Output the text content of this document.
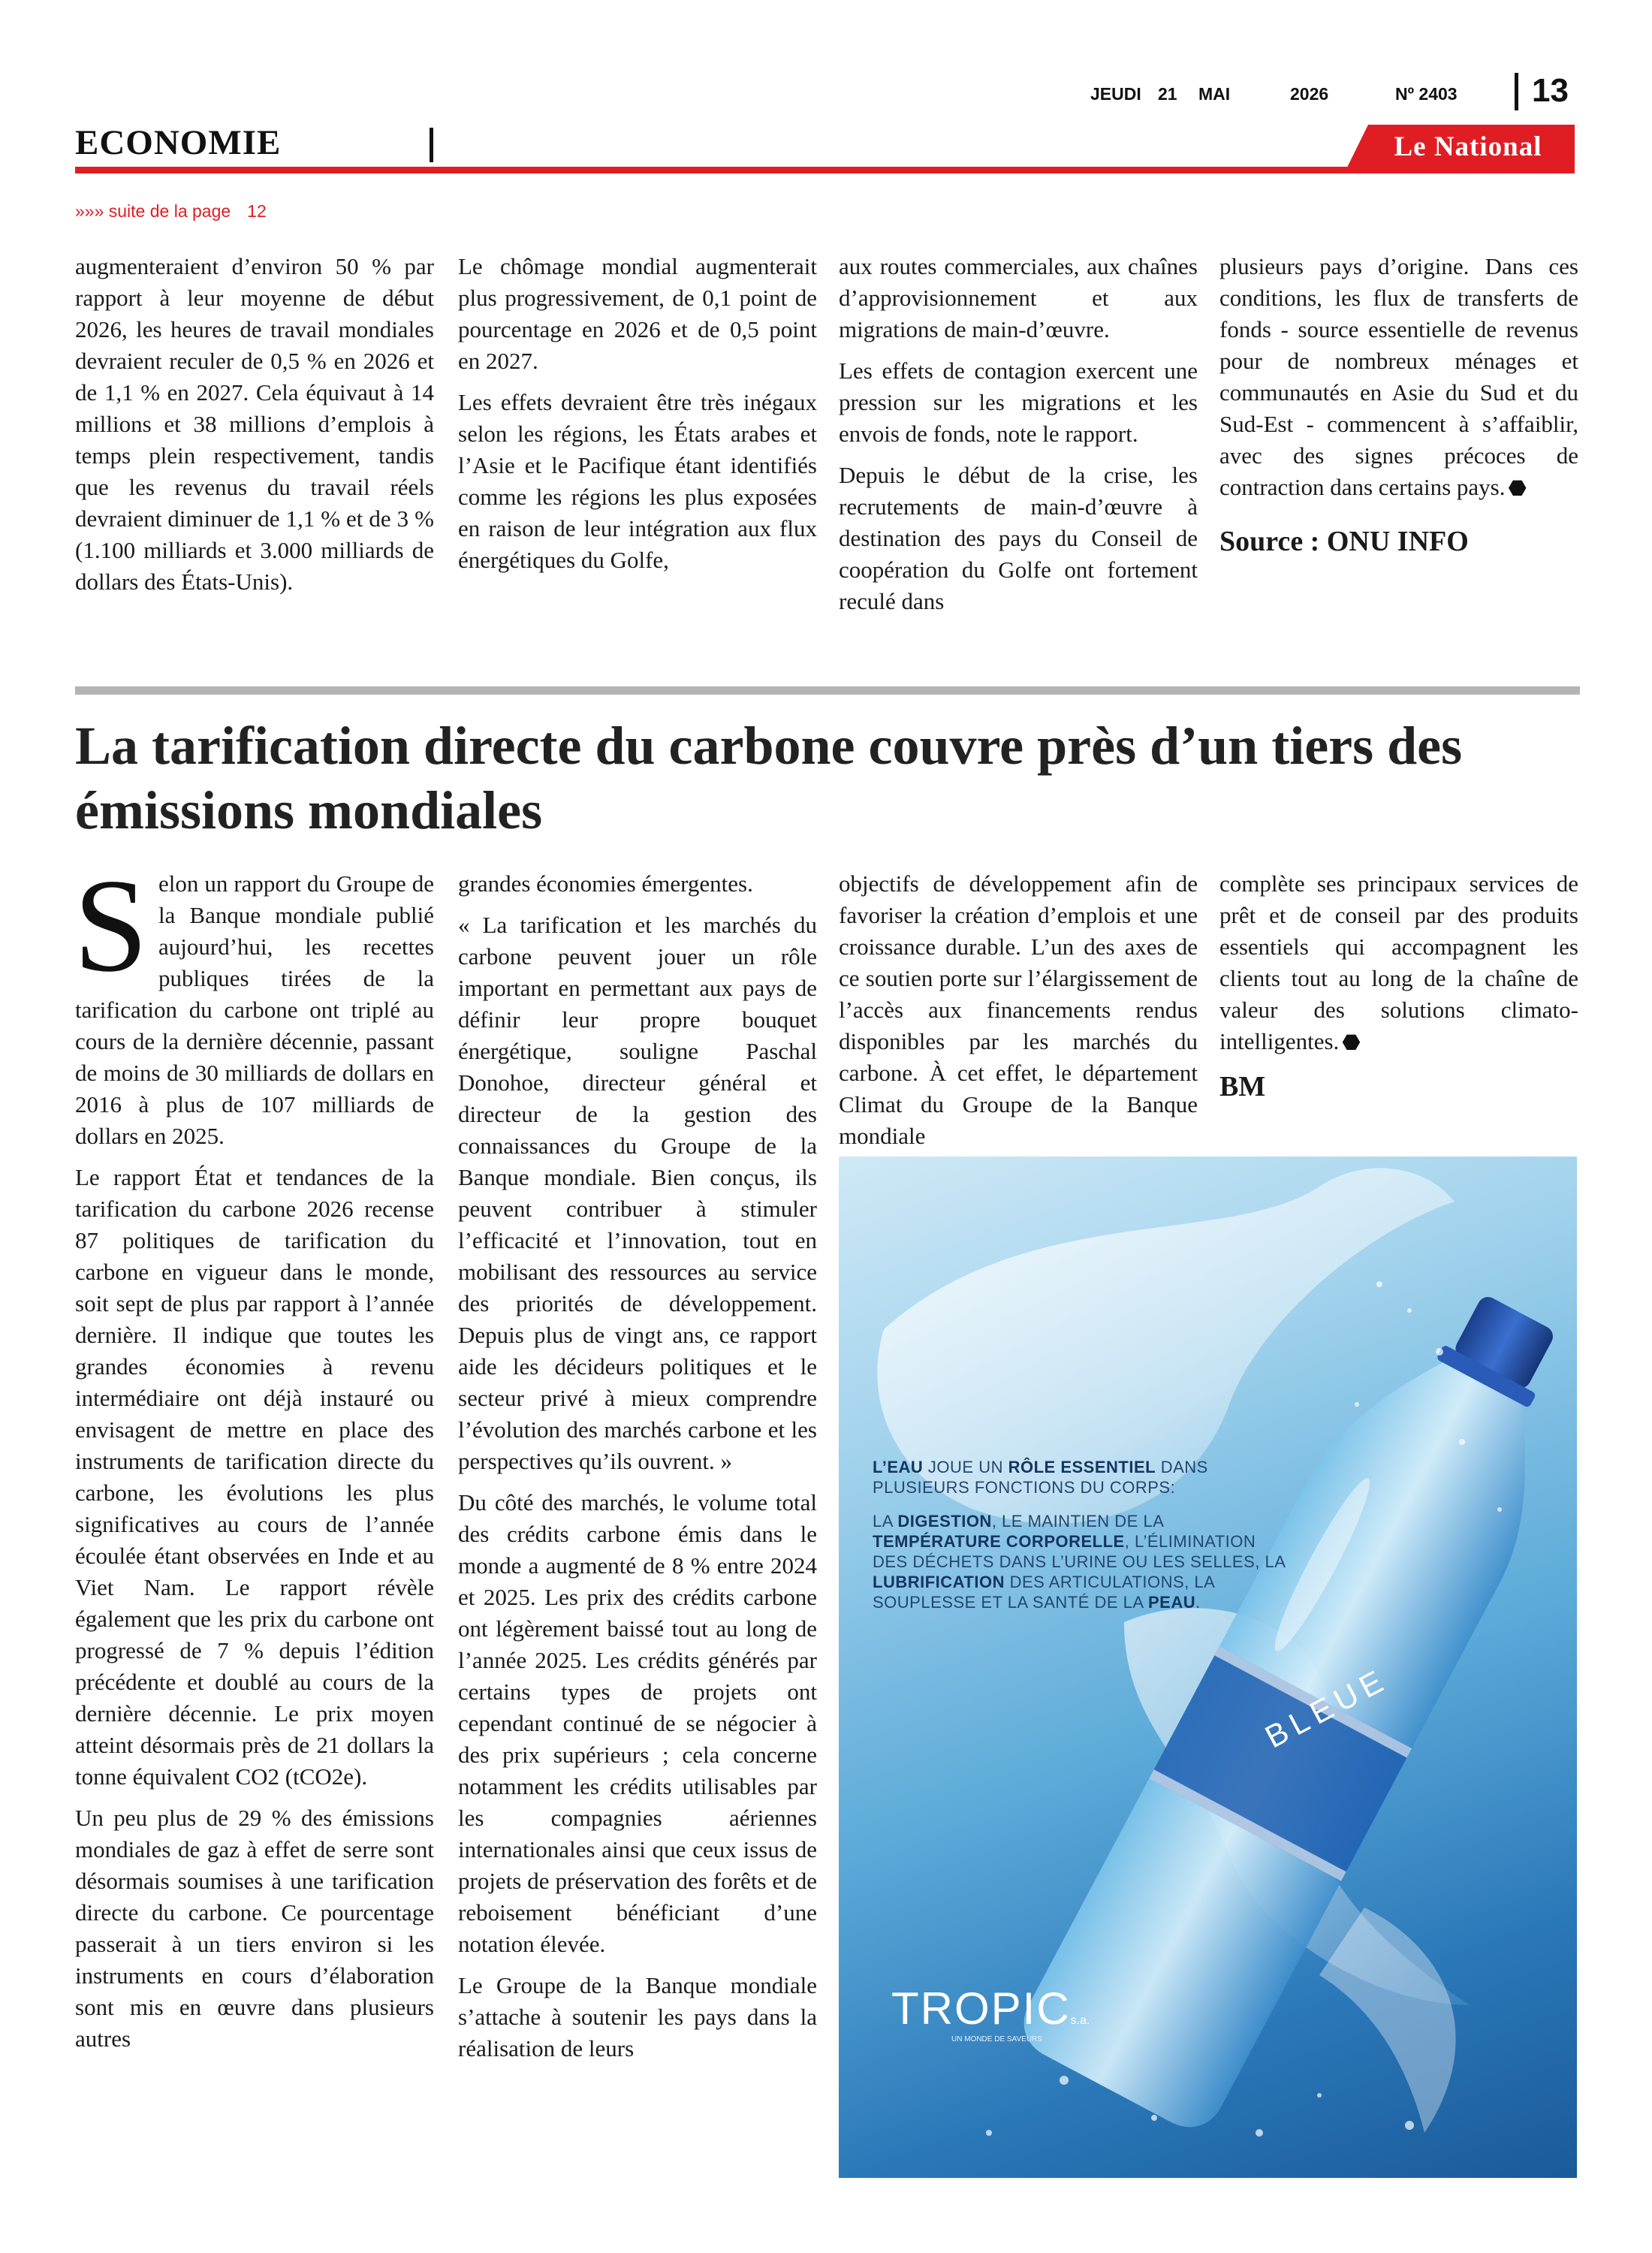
JEUDI 21 MAI	2026	Nº 2403 13
ECONOMIE	Le National
»»» suite de la page 12

augmenteraient d’environ 50 % par rapport à leur moyenne de début 2026, les heures de travail mondiales devraient reculer de 0,5 % en 2026 et de 1,1 % en 2027. Cela équivaut à 14 millions et 38 millions d’emplois à temps plein respectivement, tandis que les revenus du travail réels devraient diminuer de 1,1 % et de 3 % (1.100 milliards et 3.000 milliards de dollars des États-Unis).

Le chômage mondial augmenterait plus progressivement, de 0,1 point de pourcentage en 2026 et de 0,5 point en 2027.

Les effets devraient être très inégaux selon les régions, les États arabes et l’Asie et le Pacifique étant identifiés comme les régions les plus exposées en raison de leur intégration aux flux énergétiques du Golfe,

aux routes commerciales, aux chaînes d’approvisionnement et aux migrations de main-d’œuvre.

Les effets de contagion exercent une pression sur les migrations et les envois de fonds, note le rapport.

Depuis le début de la crise, les recrutements de main-d’œuvre à destination des pays du Conseil de coopération du Golfe ont fortement reculé dans

plusieurs pays d’origine. Dans ces conditions, les flux de transferts de fonds - source essentielle de revenus pour de nombreux ménages et communautés en Asie du Sud et du Sud-Est - commencent à s’affaiblir, avec des signes précoces de contraction dans certains pays. ⬣

Source : ONU INFO
La tarification directe du carbone couvre près d’un tiers des émissions mondiales

Selon un rapport du Groupe de la Banque mondiale publié aujourd’hui, les recettes publiques tirées de la tarification du carbone ont triplé au cours de la dernière décennie, passant de moins de 30 milliards de dollars en 2016 à plus de 107 milliards de dollars en 2025.

Le rapport État et tendances de la tarification du carbone 2026 recense 87 politiques de tarification du carbone en vigueur dans le monde, soit sept de plus par rapport à l’année dernière. Il indique que toutes les grandes économies à revenu intermédiaire ont déjà instauré ou envisagent de mettre en place des instruments de tarification directe du carbone, les évolutions les plus significatives au cours de l’année écoulée étant observées en Inde et au Viet Nam. Le rapport révèle également que les prix du carbone ont progressé de 7 % depuis l’édition précédente et doublé au cours de la dernière décennie. Le prix moyen atteint désormais près de 21 dollars la tonne équivalent CO2 (tCO2e).

Un peu plus de 29 % des émissions mondiales de gaz à effet de serre sont désormais soumises à une tarification directe du carbone. Ce pourcentage passerait à un tiers environ si les instruments en cours d’élaboration sont mis en œuvre dans plusieurs autres

grandes économies émergentes.

« La tarification et les marchés du carbone peuvent jouer un rôle important en permettant aux pays de définir leur propre bouquet énergétique, souligne Paschal Donohoe, directeur général et directeur de la gestion des connaissances du Groupe de la Banque mondiale. Bien conçus, ils peuvent contribuer à stimuler l’efficacité et l’innovation, tout en mobilisant des ressources au service des priorités de développement. Depuis plus de vingt ans, ce rapport aide les décideurs politiques et le secteur privé à mieux comprendre l’évolution des marchés carbone et les perspectives qu’ils ouvrent. »

Du côté des marchés, le volume total des crédits carbone émis dans le monde a augmenté de 8 % entre 2024 et 2025. Les prix des crédits carbone ont légèrement baissé tout au long de l’année 2025. Les crédits générés par certains types de projets ont cependant continué de se négocier à des prix supérieurs ; cela concerne notamment les crédits utilisables par les compagnies aériennes internationales ainsi que ceux issus de projets de préservation des forêts et de reboisement bénéficiant d’une notation élevée.

Le Groupe de la Banque mondiale s’attache à soutenir les pays dans la réalisation de leurs

objectifs de développement afin de favoriser la création d’emplois et une croissance durable. L’un des axes de ce soutien porte sur l’élargissement de l’accès aux financements rendus disponibles par les marchés du carbone. À cet effet, le département Climat du Groupe de la Banque mondiale

complète ses principaux services de prêt et de conseil par des produits essentiels qui accompagnent les clients tout au long de la chaîne de valeur des solutions climato-intelligentes. ⬣

BM
BLEUE

L’EAU JOUE UN RÔLE ESSENTIEL DANS PLUSIEURS FONCTIONS DU CORPS:

LA DIGESTION, LE MAINTIEN DE LA TEMPÉRATURE CORPORELLE, L’ÉLIMINATION DES DÉCHETS DANS L’URINE OU LES SELLES, LA LUBRIFICATION DES ARTICULATIONS, LA SOUPLESSE ET LA SANTÉ DE LA PEAU.

TROPICs.a.
UN MONDE DE SAVEURS
